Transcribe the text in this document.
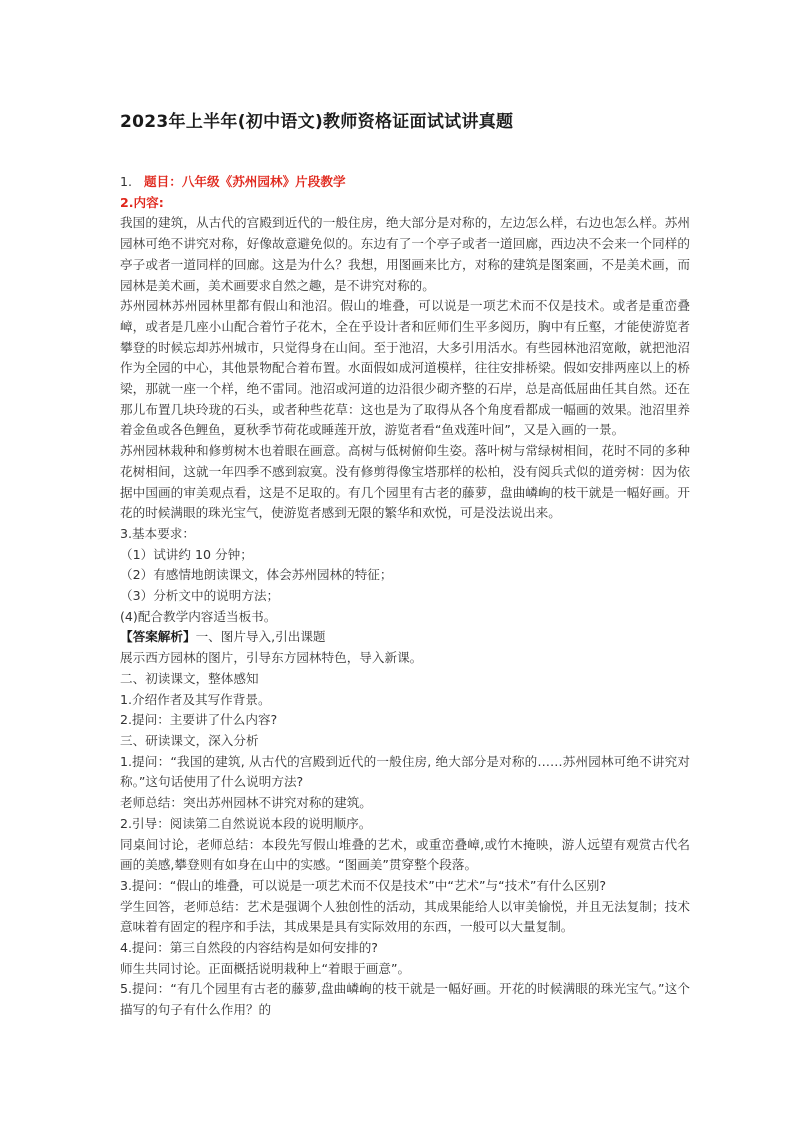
2023年上半年(初中语文)教师资格证面试试讲真题

1. 题目：八年级《苏州园林》片段教学

2.内容:

我国的建筑，从古代的宫殿到近代的一般住房，绝大部分是对称的，左边怎么样，右边也怎么样。苏州园林可绝不讲究对称，好像故意避免似的。东边有了一个亭子或者一道回廊，西边决不会来一个同样的亭子或者一道同样的回廊。这是为什么？我想，用图画来比方，对称的建筑是图案画，不是美术画，而园林是美术画，美术画要求自然之趣，是不讲究对称的。

苏州园林苏州园林里都有假山和池沼。假山的堆叠，可以说是一项艺术而不仅是技术。或者是重峦叠嶂，或者是几座小山配合着竹子花木，全在乎设计者和匠师们生平多阅历，胸中有丘壑，才能使游览者攀登的时候忘却苏州城市，只觉得身在山间。至于池沼，大多引用活水。有些园林池沼宽敞，就把池沼作为全园的中心，其他景物配合着布置。水面假如成河道模样，往往安排桥梁。假如安排两座以上的桥梁，那就一座一个样，绝不雷同。池沼或河道的边沿很少砌齐整的石岸，总是高低屈曲任其自然。还在那儿布置几块玲珑的石头，或者种些花草：这也是为了取得从各个角度看都成一幅画的效果。池沼里养着金鱼或各色鲤鱼，夏秋季节荷花或睡莲开放，游览者看“鱼戏莲叶间”，又是入画的一景。

苏州园林栽种和修剪树木也着眼在画意。高树与低树俯仰生姿。落叶树与常绿树相间，花时不同的多种花树相间，这就一年四季不感到寂寞。没有修剪得像宝塔那样的松柏，没有阅兵式似的道旁树：因为依据中国画的审美观点看，这是不足取的。有几个园里有古老的藤萝，盘曲嶙峋的枝干就是一幅好画。开花的时候满眼的珠光宝气，使游览者感到无限的繁华和欢悦，可是没法说出来。

3.基本要求：

（1）试讲约 10 分钟；

（2）有感情地朗读课文，体会苏州园林的特征；

（3）分析文中的说明方法；

(4)配合教学内容适当板书。

【答案解析】一、图片导入,引出课题

展示西方园林的图片，引导东方园林特色，导入新课。

二、初读课文，整体感知

1.介绍作者及其写作背景。

2.提问：主要讲了什么内容?

三、研读课文，深入分析

1.提问：“我国的建筑, 从古代的宫殿到近代的一般住房, 绝大部分是对称的……苏州园林可绝不讲究对称。”这句话使用了什么说明方法?

老师总结：突出苏州园林不讲究对称的建筑。

2.引导：阅读第二自然说说本段的说明顺序。

同桌间讨论，老师总结：本段先写假山堆叠的艺术，或重峦叠嶂,或竹木掩映，游人远望有观赏古代名画的美感,攀登则有如身在山中的实感。“图画美”贯穿整个段落。

3.提问：“假山的堆叠，可以说是一项艺术而不仅是技术”中“艺术”与“技术”有什么区别?

学生回答，老师总结：艺术是强调个人独创性的活动，其成果能给人以审美愉悦，并且无法复制；技术意味着有固定的程序和手法，其成果是具有实际效用的东西，一般可以大量复制。

4.提问：第三自然段的内容结构是如何安排的?

师生共同讨论。正面概括说明栽种上“着眼于画意”。

5.提问：“有几个园里有古老的藤萝,盘曲嶙峋的枝干就是一幅好画。开花的时候满眼的珠光宝气。”这个描写的句子有什么作用？的
